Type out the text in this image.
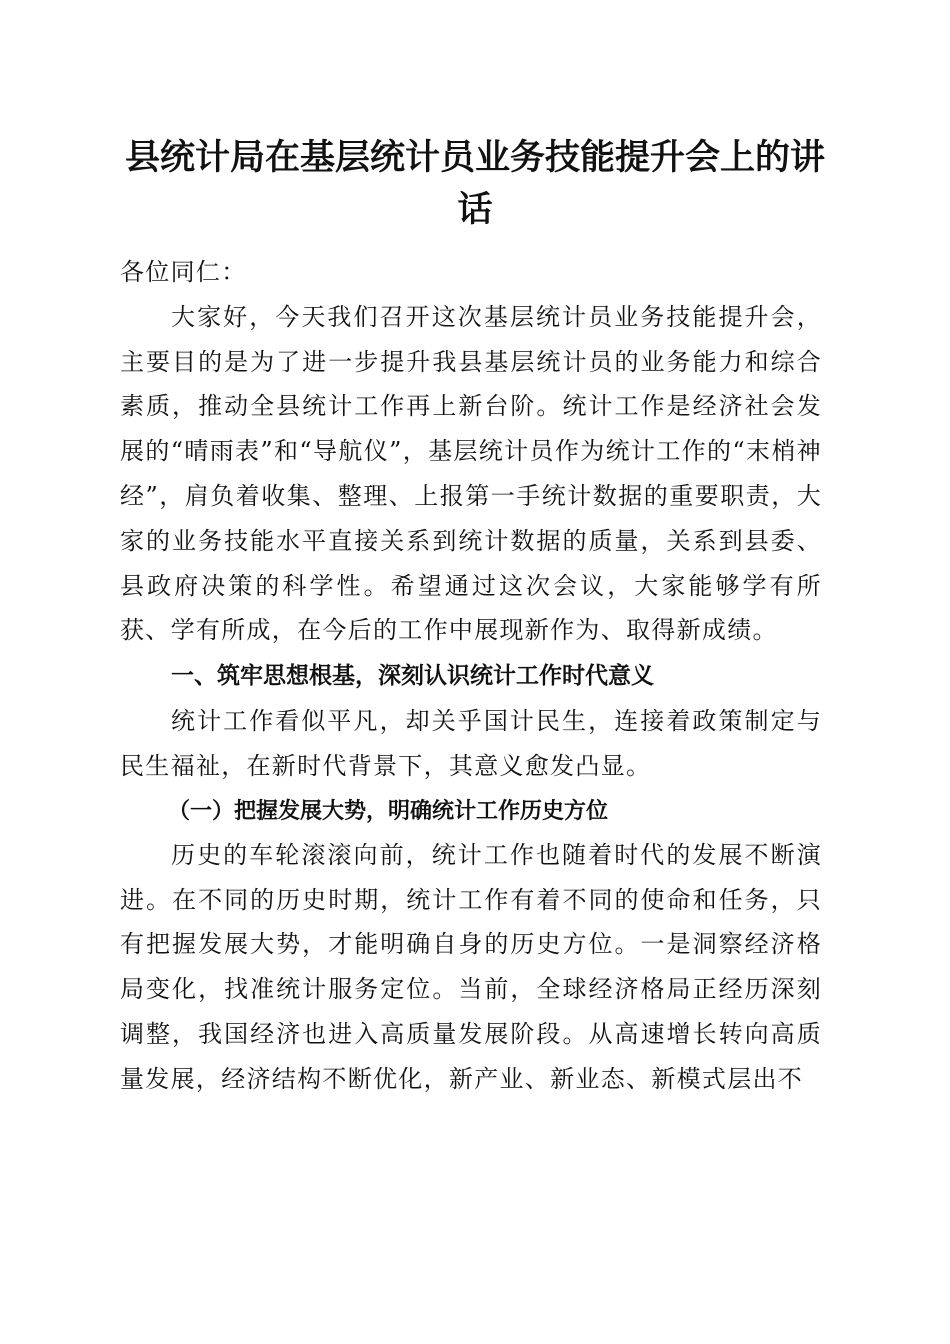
县统计局在基层统计员业务技能提升会上的讲话

各位同仁：

大家好，今天我们召开这次基层统计员业务技能提升会，主要目的是为了进一步提升我县基层统计员的业务能力和综合素质，推动全县统计工作再上新台阶。统计工作是经济社会发展的“晴雨表”和“导航仪”，基层统计员作为统计工作的“末梢神经”，肩负着收集、整理、上报第一手统计数据的重要职责，大家的业务技能水平直接关系到统计数据的质量，关系到县委、县政府决策的科学性。希望通过这次会议，大家能够学有所获、学有所成，在今后的工作中展现新作为、取得新成绩。

一、筑牢思想根基，深刻认识统计工作时代意义

统计工作看似平凡，却关乎国计民生，连接着政策制定与民生福祉，在新时代背景下，其意义愈发凸显。

（一）把握发展大势，明确统计工作历史方位

历史的车轮滚滚向前，统计工作也随着时代的发展不断演进。在不同的历史时期，统计工作有着不同的使命和任务，只有把握发展大势，才能明确自身的历史方位。一是洞察经济格局变化，找准统计服务定位。当前，全球经济格局正经历深刻调整，我国经济也进入高质量发展阶段。从高速增长转向高质量发展，经济结构不断优化，新产业、新业态、新模式层出不
